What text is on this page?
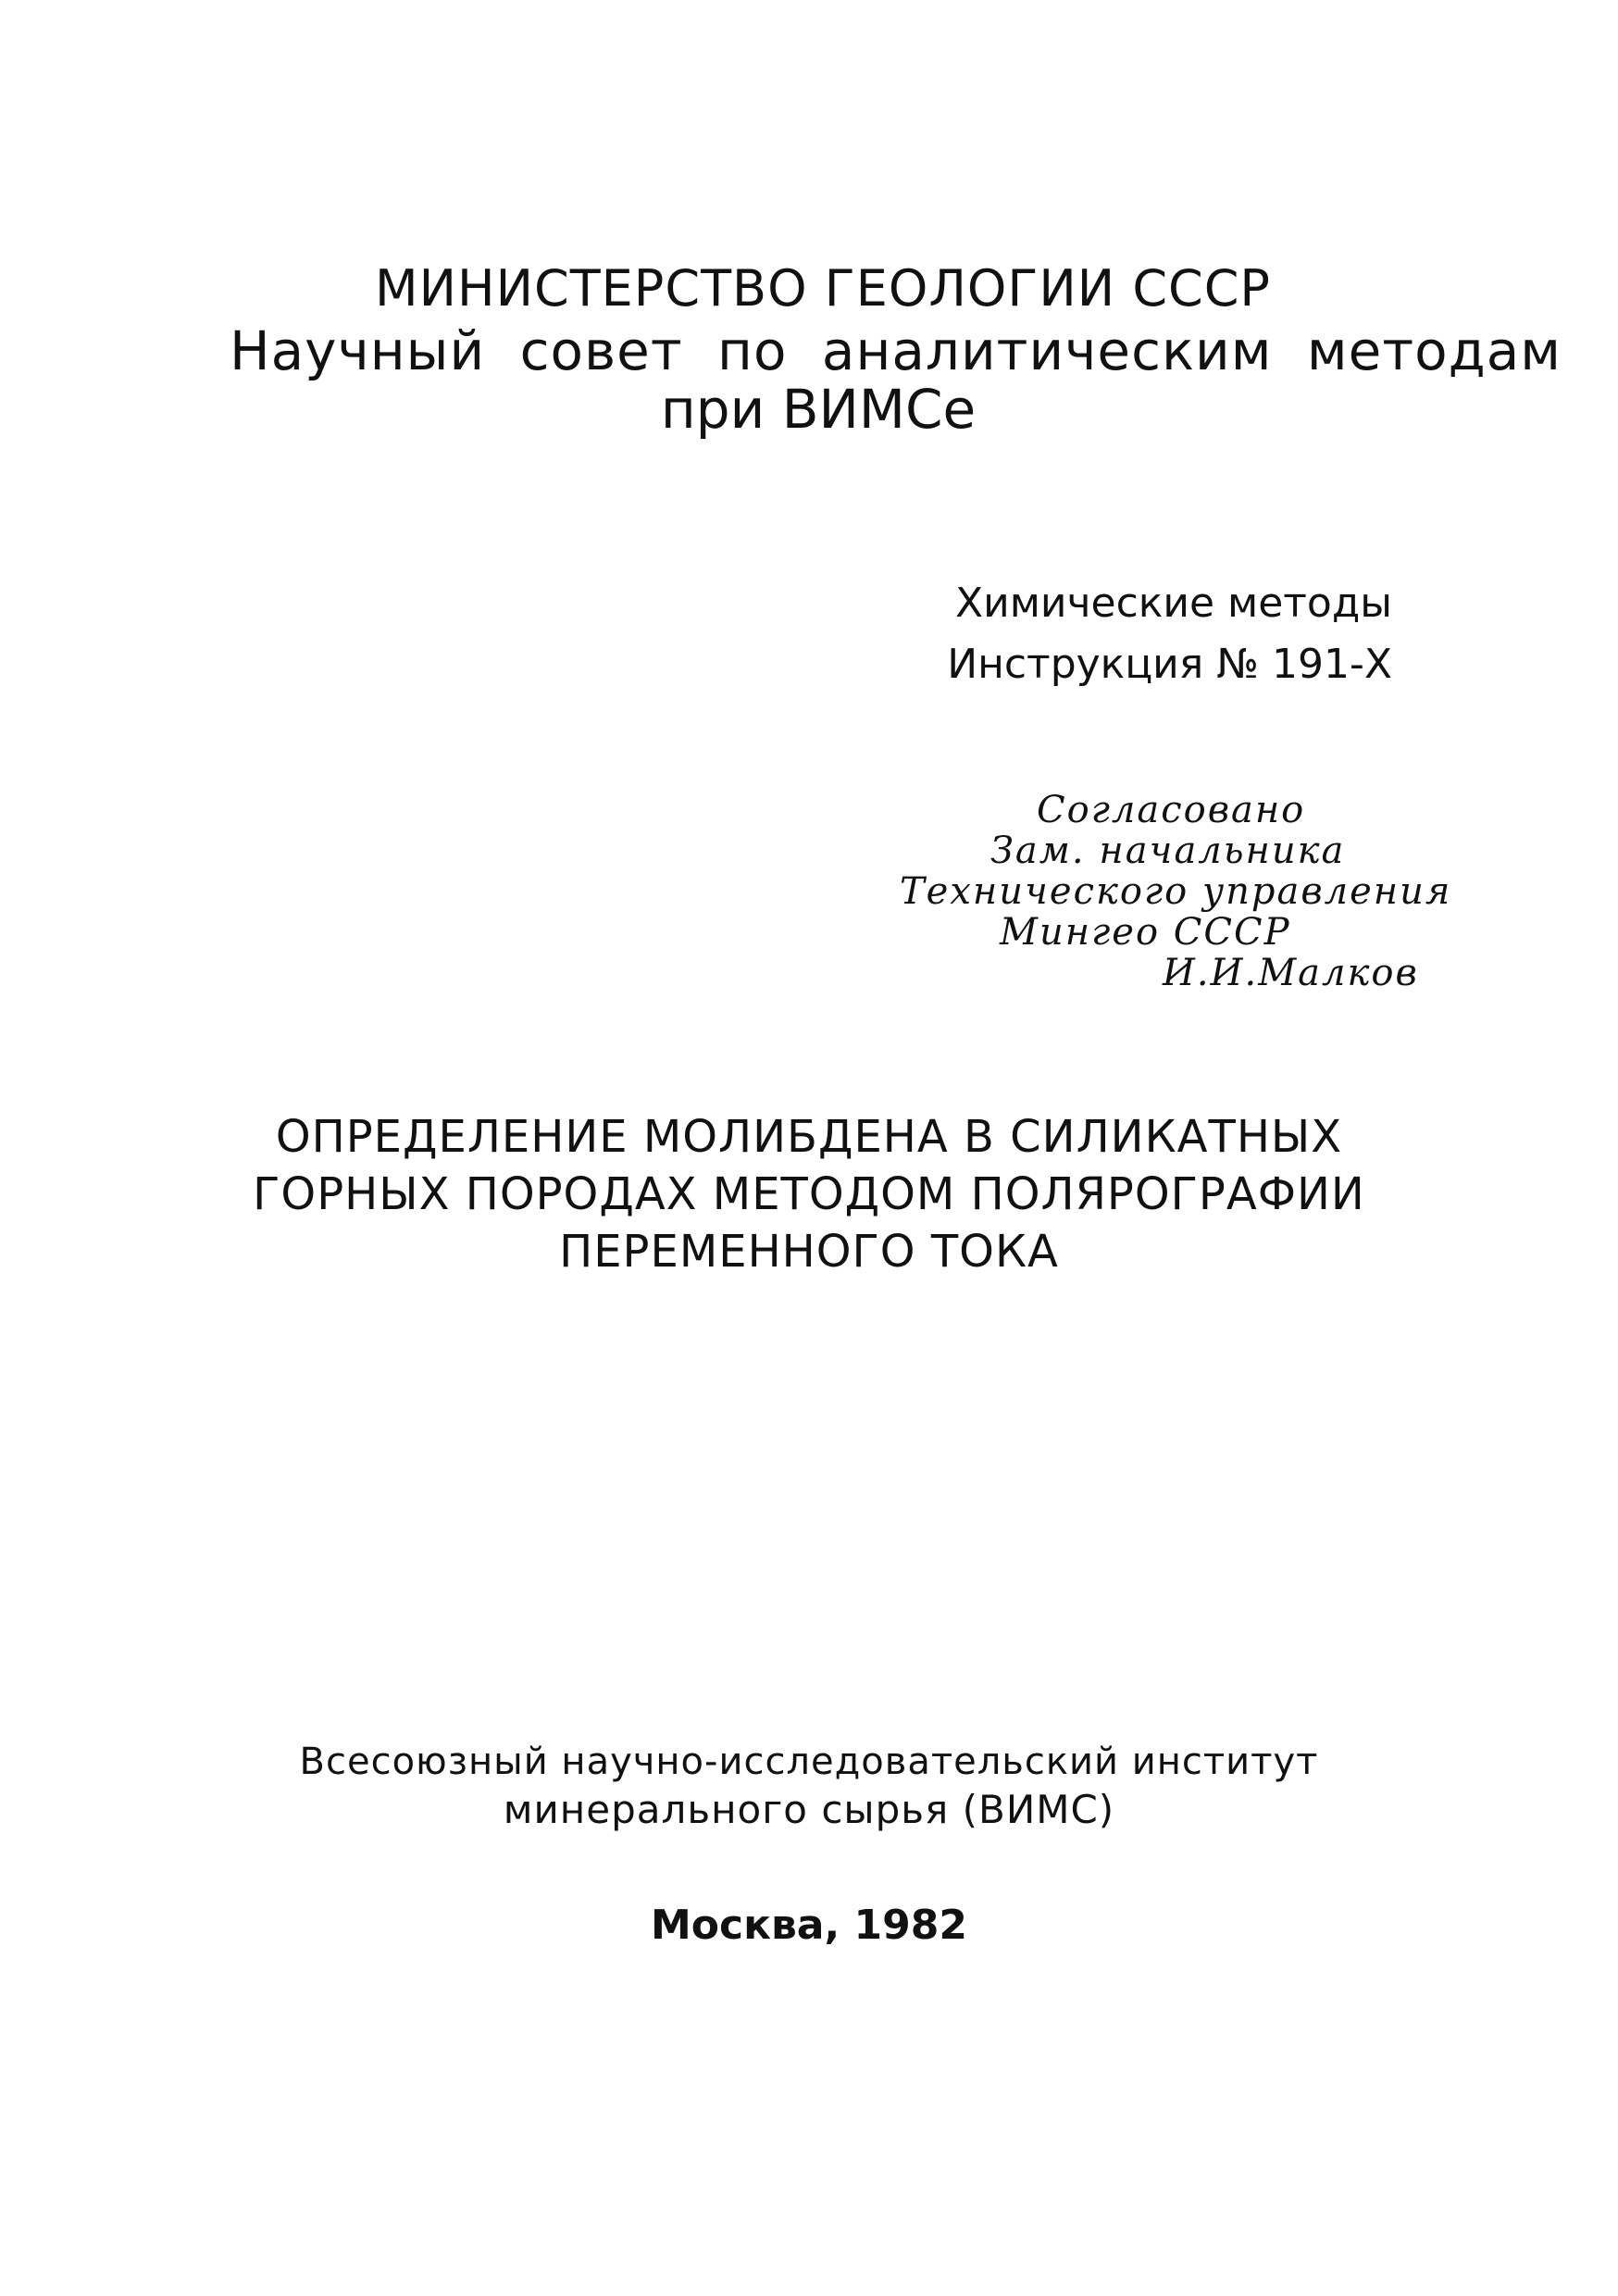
МИНИСТЕРСТВО ГЕОЛОГИИ СССР
Научный совет по аналитическим методам
при ВИМСе
Химические методы
Инструкция № 191-Х
Согласовано
Зам. начальника
Технического управления
Мингео СССР
И.И.Малков
ОПРЕДЕЛЕНИЕ МОЛИБДЕНА В СИЛИКАТНЫХ
ГОРНЫХ ПОРОДАХ МЕТОДОМ ПОЛЯРОГРАФИИ
ПЕРЕМЕННОГО ТОКА
Всесоюзный научно-исследовательский институт
минерального сырья (ВИМС)
Москва, 1982
